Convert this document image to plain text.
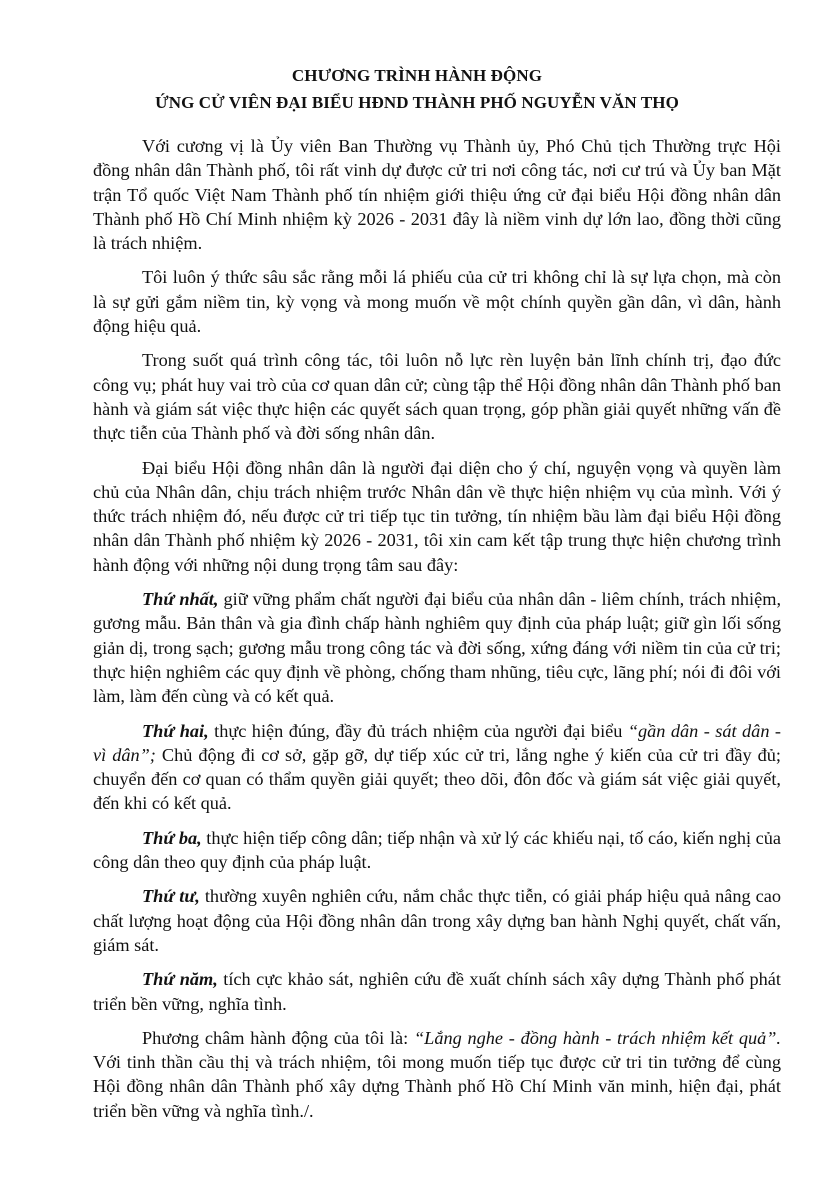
CHƯƠNG TRÌNH HÀNH ĐỘNG
ỨNG CỬ VIÊN ĐẠI BIỂU HĐND THÀNH PHỐ NGUYỄN VĂN THỌ

Với cương vị là Ủy viên Ban Thường vụ Thành ủy, Phó Chủ tịch Thường trực Hội đồng nhân dân Thành phố, tôi rất vinh dự được cử tri nơi công tác, nơi cư trú và Ủy ban Mặt trận Tổ quốc Việt Nam Thành phố tín nhiệm giới thiệu ứng cử đại biểu Hội đồng nhân dân Thành phố Hồ Chí Minh nhiệm kỳ 2026 - 2031 đây là niềm vinh dự lớn lao, đồng thời cũng là trách nhiệm.

Tôi luôn ý thức sâu sắc rằng mỗi lá phiếu của cử tri không chỉ là sự lựa chọn, mà còn là sự gửi gắm niềm tin, kỳ vọng và mong muốn về một chính quyền gần dân, vì dân, hành động hiệu quả.

Trong suốt quá trình công tác, tôi luôn nỗ lực rèn luyện bản lĩnh chính trị, đạo đức công vụ; phát huy vai trò của cơ quan dân cử; cùng tập thể Hội đồng nhân dân Thành phố ban hành và giám sát việc thực hiện các quyết sách quan trọng, góp phần giải quyết những vấn đề thực tiễn của Thành phố và đời sống nhân dân.

Đại biểu Hội đồng nhân dân là người đại diện cho ý chí, nguyện vọng và quyền làm chủ của Nhân dân, chịu trách nhiệm trước Nhân dân về thực hiện nhiệm vụ của mình. Với ý thức trách nhiệm đó, nếu được cử tri tiếp tục tin tưởng, tín nhiệm bầu làm đại biểu Hội đồng nhân dân Thành phố nhiệm kỳ 2026 - 2031, tôi xin cam kết tập trung thực hiện chương trình hành động với những nội dung trọng tâm sau đây:

Thứ nhất, giữ vững phẩm chất người đại biểu của nhân dân - liêm chính, trách nhiệm, gương mẫu. Bản thân và gia đình chấp hành nghiêm quy định của pháp luật; giữ gìn lối sống giản dị, trong sạch; gương mẫu trong công tác và đời sống, xứng đáng với niềm tin của cử tri; thực hiện nghiêm các quy định về phòng, chống tham nhũng, tiêu cực, lãng phí; nói đi đôi với làm, làm đến cùng và có kết quả.

Thứ hai, thực hiện đúng, đầy đủ trách nhiệm của người đại biểu “gần dân - sát dân - vì dân”; Chủ động đi cơ sở, gặp gỡ, dự tiếp xúc cử tri, lắng nghe ý kiến của cử tri đầy đủ; chuyển đến cơ quan có thẩm quyền giải quyết; theo dõi, đôn đốc và giám sát việc giải quyết, đến khi có kết quả.

Thứ ba, thực hiện tiếp công dân; tiếp nhận và xử lý các khiếu nại, tố cáo, kiến nghị của công dân theo quy định của pháp luật.

Thứ tư, thường xuyên nghiên cứu, nắm chắc thực tiễn, có giải pháp hiệu quả nâng cao chất lượng hoạt động của Hội đồng nhân dân trong xây dựng ban hành Nghị quyết, chất vấn, giám sát.

Thứ năm, tích cực khảo sát, nghiên cứu đề xuất chính sách xây dựng Thành phố phát triển bền vững, nghĩa tình.

Phương châm hành động của tôi là: “Lắng nghe - đồng hành - trách nhiệm kết quả”. Với tinh thần cầu thị và trách nhiệm, tôi mong muốn tiếp tục được cử tri tin tưởng để cùng Hội đồng nhân dân Thành phố xây dựng Thành phố Hồ Chí Minh văn minh, hiện đại, phát triển bền vững và nghĩa tình./.
